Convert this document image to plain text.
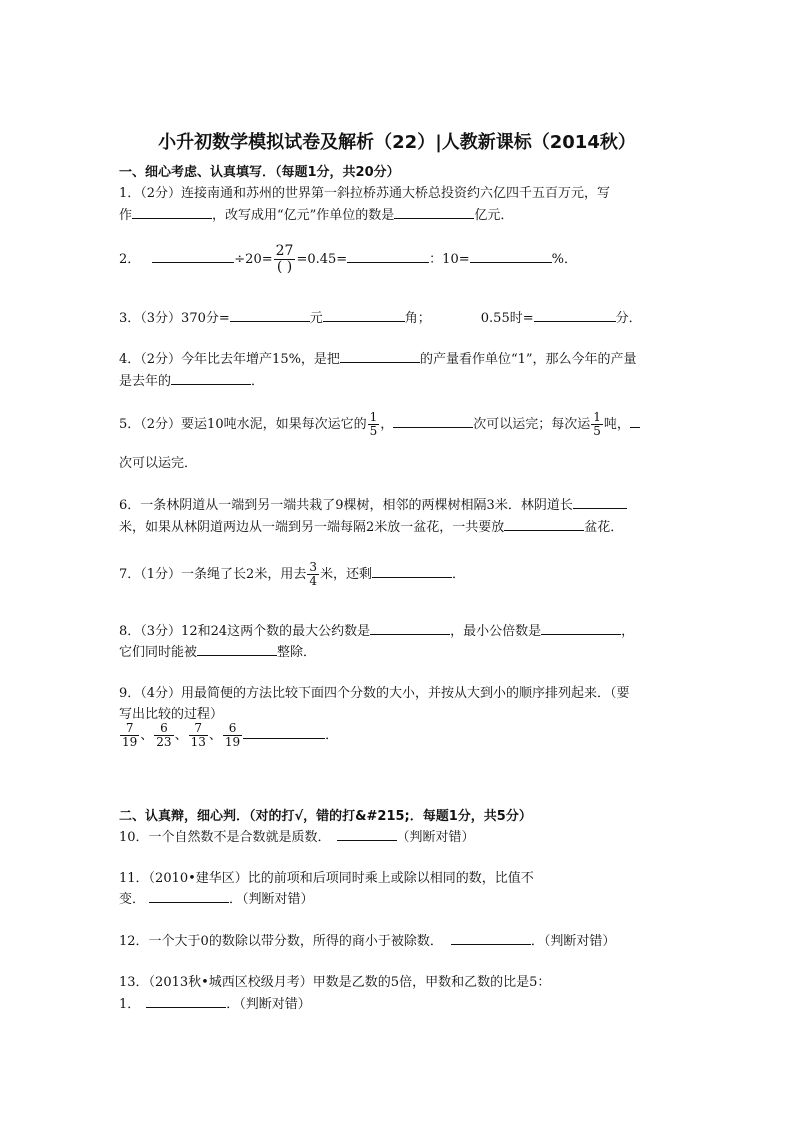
小升初数学模拟试卷及解析（22）|人教新课标（2014秋）
一、细心考虑、认真填写．（每题1分，共20分）
1．（2分）连接南通和苏州的世界第一斜拉桥苏通大桥总投资约六亿四千五百万元，写
作	，改写成用“亿元”作单位的数是	亿元．
2．	$\div 20= \frac{27}{( )} =0.45=$	：10=	%．
3．（3分）370分=	元	角；	0.55时=	分．
4．（2分）今年比去年增产15%，是把	的产量看作单位“1”，那么今年的产量
是去年的	．
5．（2分）要运10吨水泥，如果每次运它的 $\frac{1}{5}$ ，	次可以运完；每次运 $\frac{1}{5}$ 吨，
次可以运完．
6．一条林阴道从一端到另一端共栽了9棵树，相邻的两棵树相隔3米．林阴道长
米，如果从林阴道两边从一端到另一端每隔2米放一盆花，一共要放	盆花．
7．（1分）一条绳了长2米，用去 $\frac{3}{4}$ 米，还剩	．
8．（3分）12和24这两个数的最大公约数是	，最小公倍数是	，
它们同时能被	整除．
9．（4分）用最简便的方法比较下面四个分数的大小，并按从大到小的顺序排列起来．（要
写出比较的过程）
$\frac{7}{19}$ 、 $\frac{6}{23}$ 、 $\frac{7}{13}$ 、 $\frac{6}{19}$	．
二、认真辩，细心判．（对的打√，错的打&#215;．每题1分，共5分）
10．一个自然数不是合数就是质数．	（判断对错）
11．（2010•建华区）比的前项和后项同时乘上或除以相同的数，比值不
变．	．（判断对错）
12．一个大于0的数除以带分数，所得的商小于被除数．	．（判断对错）
13．（2013秋•城西区校级月考）甲数是乙数的5倍，甲数和乙数的比是5：
1．	．（判断对错）
